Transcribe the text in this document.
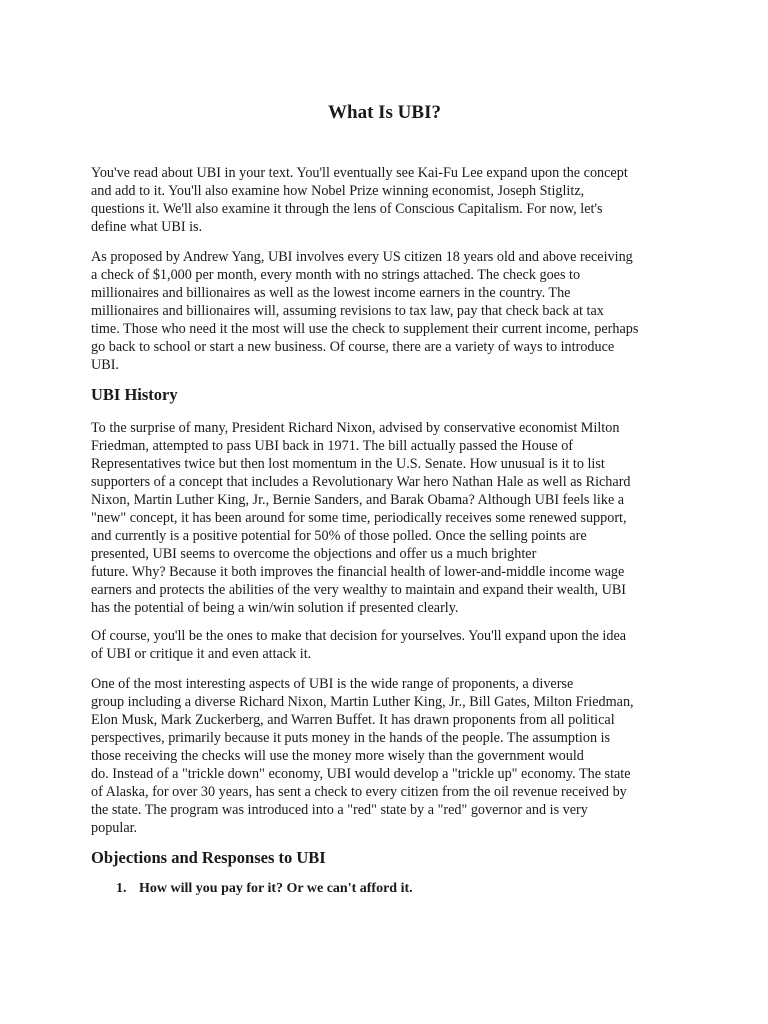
What Is UBI?

You've read about UBI in your text. You'll eventually see Kai-Fu Lee expand upon the concept
and add to it. You'll also examine how Nobel Prize winning economist, Joseph Stiglitz,
questions it. We'll also examine it through the lens of Conscious Capitalism. For now, let's
define what UBI is.

As proposed by Andrew Yang, UBI involves every US citizen 18 years old and above receiving
a check of $1,000 per month, every month with no strings attached. The check goes to
millionaires and billionaires as well as the lowest income earners in the country. The
millionaires and billionaires will, assuming revisions to tax law, pay that check back at tax
time. Those who need it the most will use the check to supplement their current income, perhaps
go back to school or start a new business. Of course, there are a variety of ways to introduce
UBI.

UBI History

To the surprise of many, President Richard Nixon, advised by conservative economist Milton
Friedman, attempted to pass UBI back in 1971. The bill actually passed the House of
Representatives twice but then lost momentum in the U.S. Senate. How unusual is it to list
supporters of a concept that includes a Revolutionary War hero Nathan Hale as well as Richard
Nixon, Martin Luther King, Jr., Bernie Sanders, and Barak Obama? Although UBI feels like a
"new" concept, it has been around for some time, periodically receives some renewed support,
and currently is a positive potential for 50% of those polled. Once the selling points are
presented, UBI seems to overcome the objections and offer us a much brighter
future. Why? Because it both improves the financial health of lower-and-middle income wage
earners and protects the abilities of the very wealthy to maintain and expand their wealth, UBI
has the potential of being a win/win solution if presented clearly.

Of course, you'll be the ones to make that decision for yourselves. You'll expand upon the idea
of UBI or critique it and even attack it.

One of the most interesting aspects of UBI is the wide range of proponents, a diverse
group including a diverse Richard Nixon, Martin Luther King, Jr., Bill Gates, Milton Friedman,
Elon Musk, Mark Zuckerberg, and Warren Buffet. It has drawn proponents from all political
perspectives, primarily because it puts money in the hands of the people. The assumption is
those receiving the checks will use the money more wisely than the government would
do. Instead of a "trickle down" economy, UBI would develop a "trickle up" economy. The state
of Alaska, for over 30 years, has sent a check to every citizen from the oil revenue received by
the state. The program was introduced into a "red" state by a "red" governor and is very
popular.

Objections and Responses to UBI
1. How will you pay for it? Or we can't afford it.
